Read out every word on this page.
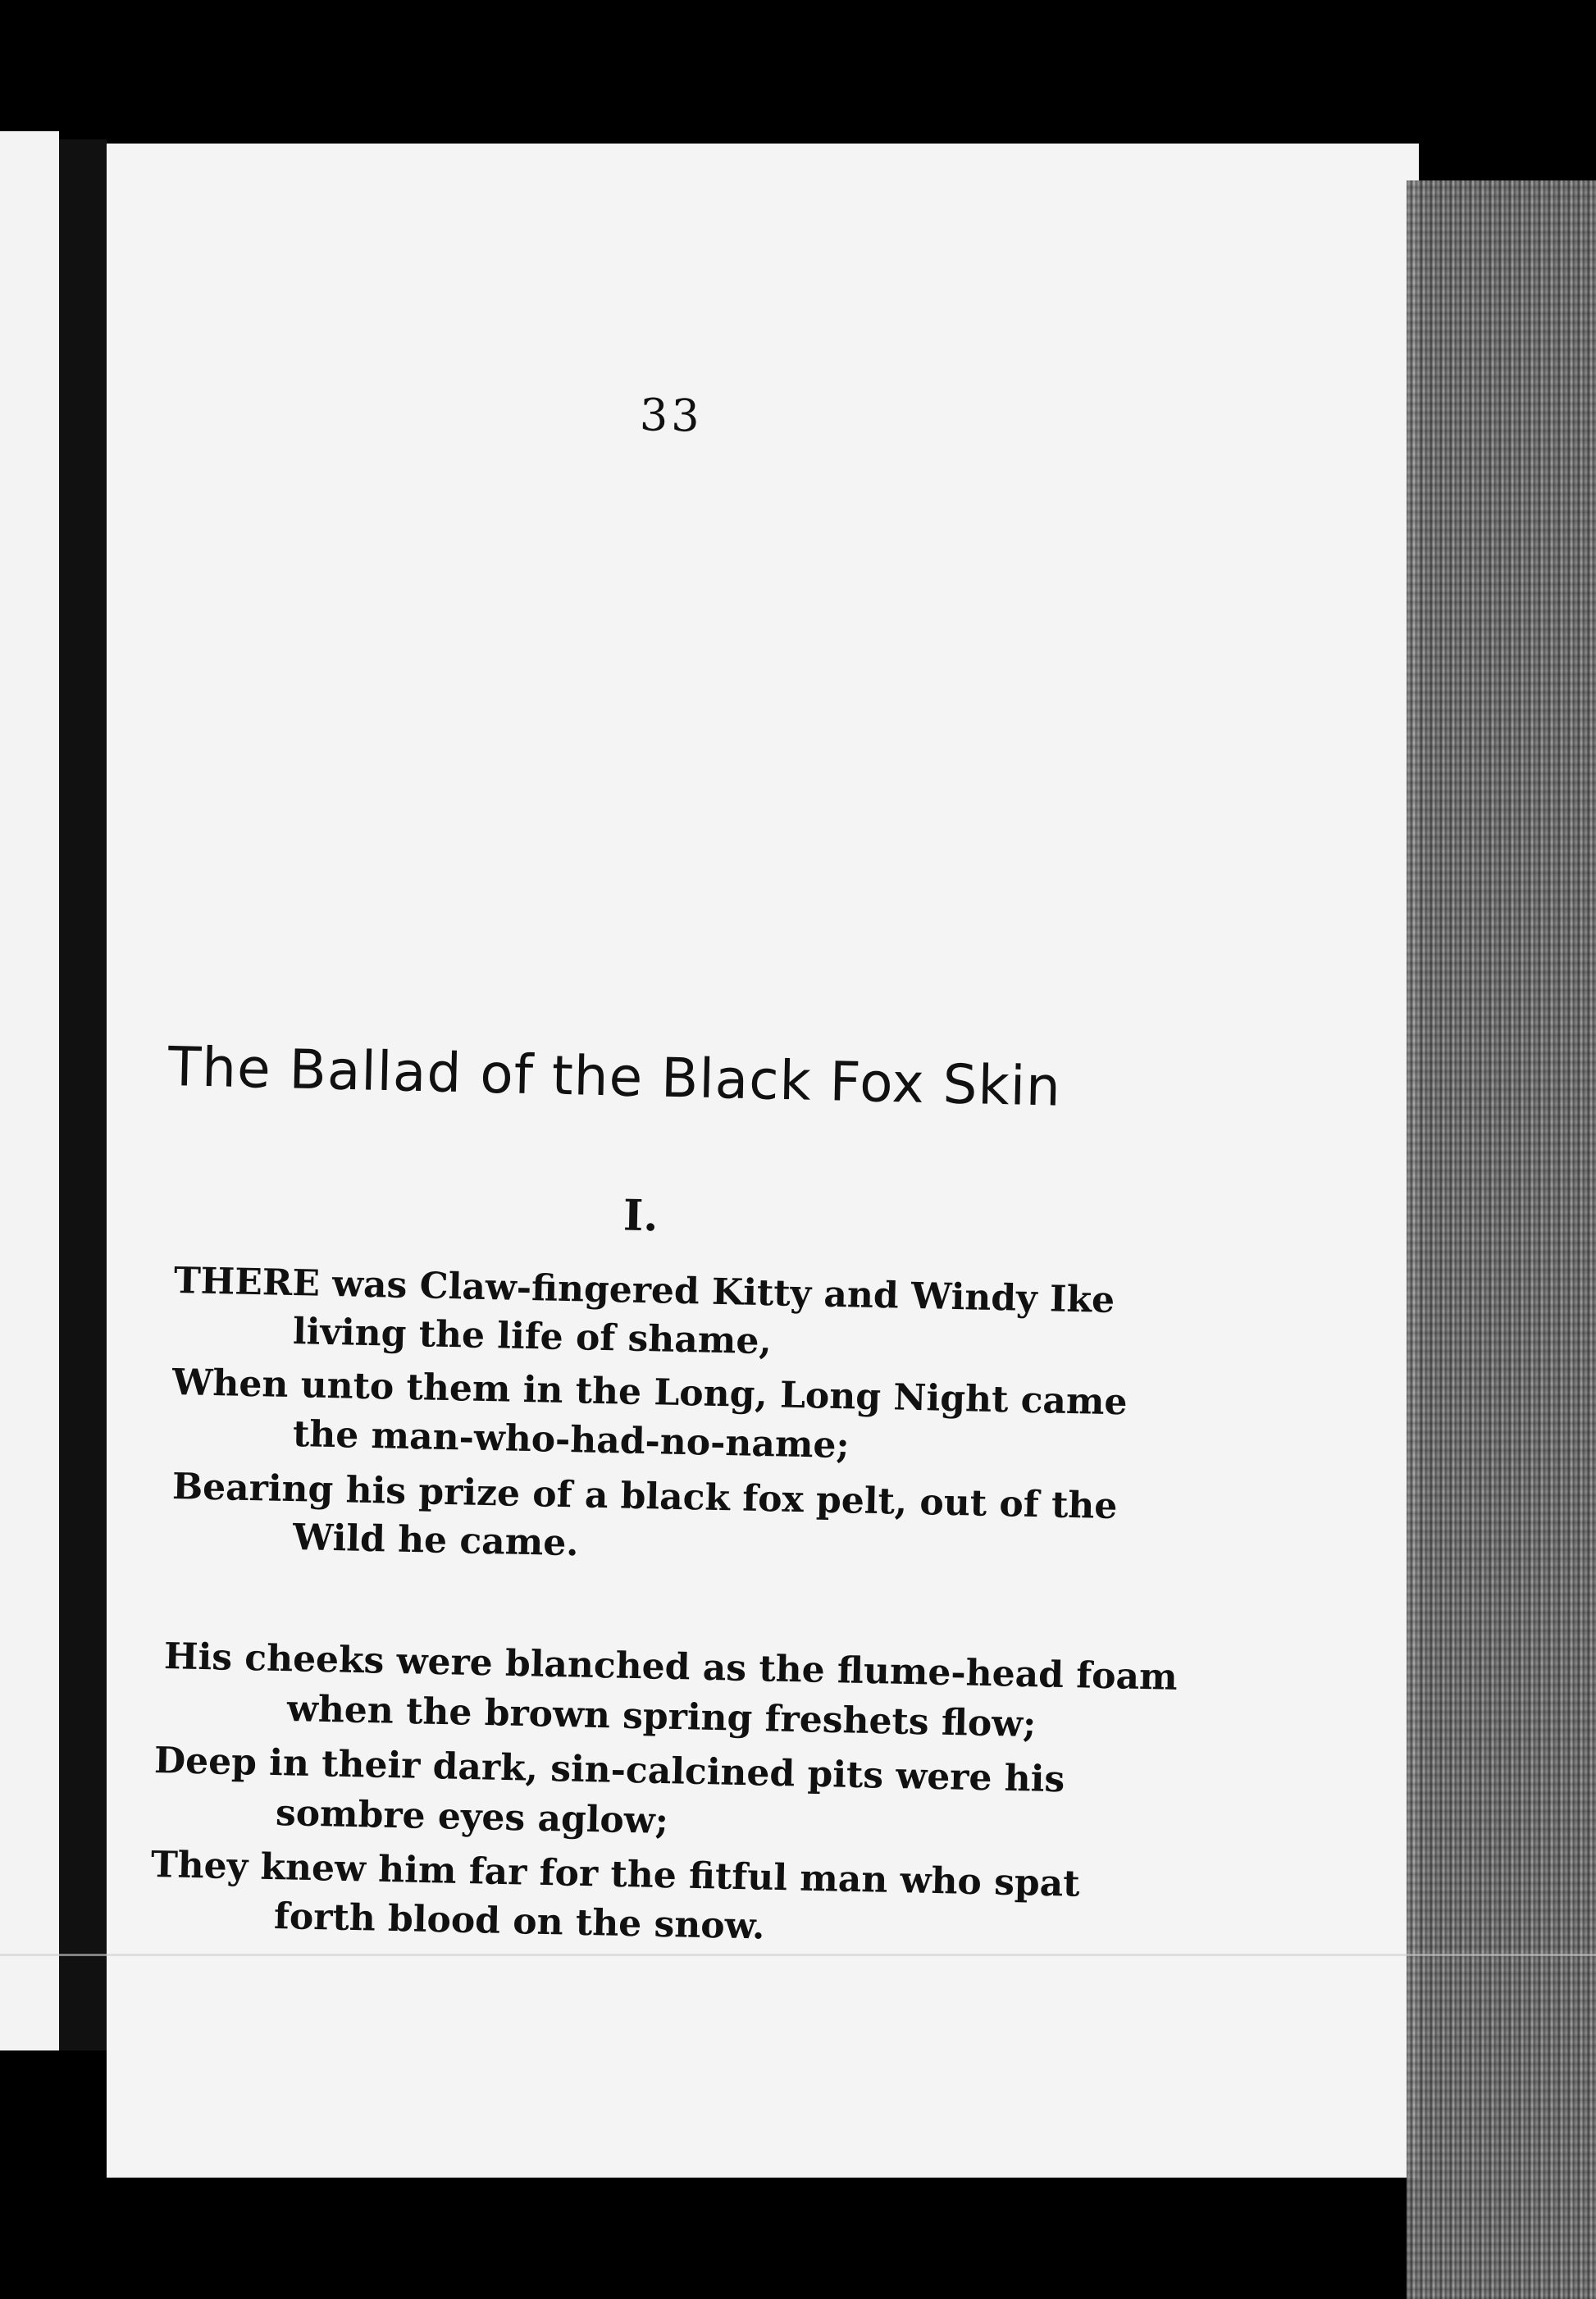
33
The Ballad of the Black Fox Skin
I.
THERE was Claw-fingered Kitty and Windy Ike
living the life of shame,
When unto them in the Long, Long Night came
the man-who-had-no-name;
Bearing his prize of a black fox pelt, out of the
Wild he came.
His cheeks were blanched as the flume-head foam
when the brown spring freshets flow;
Deep in their dark, sin-calcined pits were his
sombre eyes aglow;
They knew him far for the fitful man who spat
forth blood on the snow.
